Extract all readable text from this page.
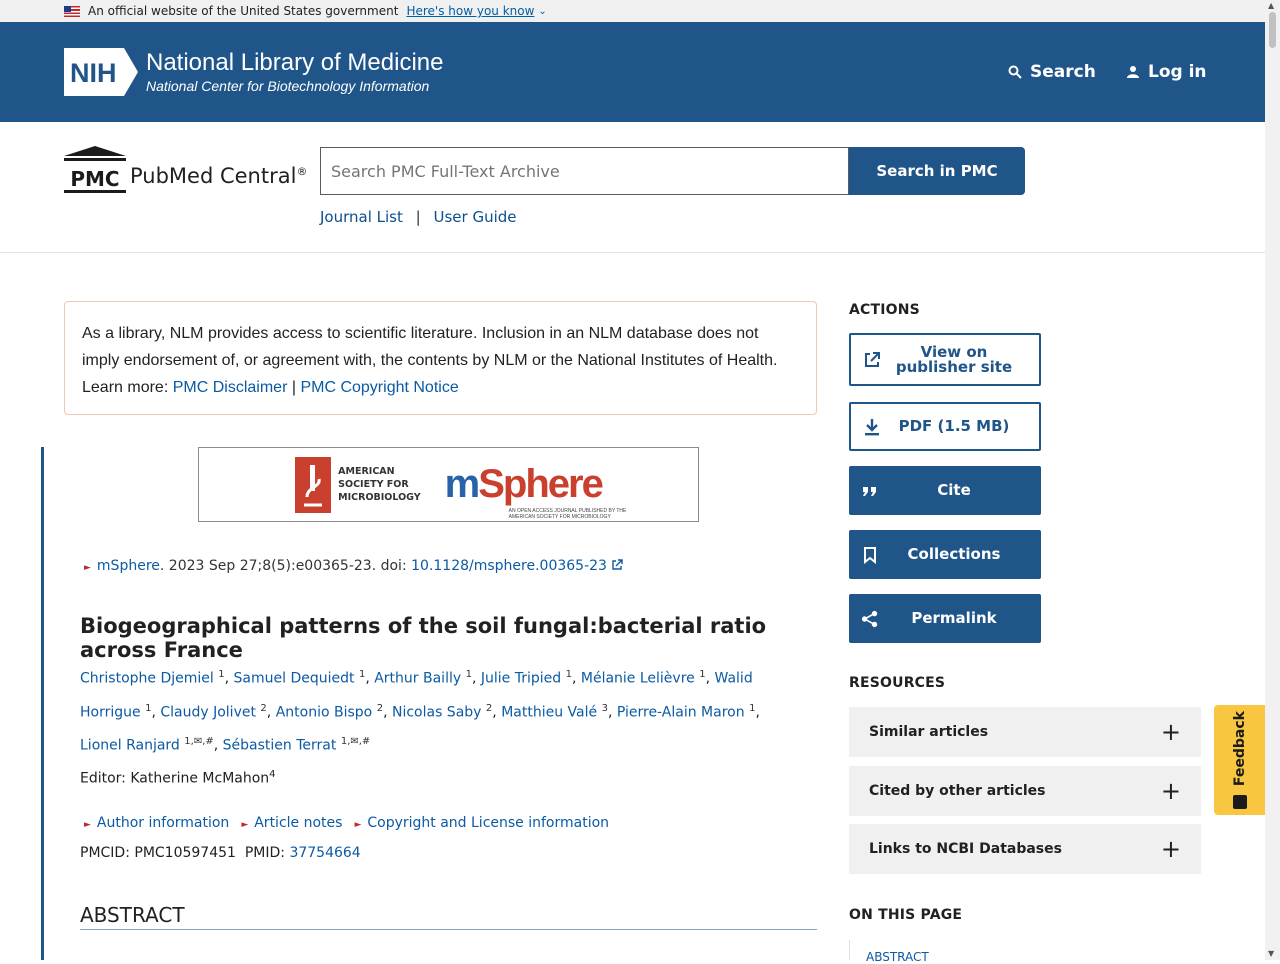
An official website of the United States government Here's how you know ⌄
NIH National Library of Medicine
National Center for Biotechnology Information
Search	Log in
PMC PubMed Central®
Search PMC Full-Text Archive	Search in PMC
Journal List | User Guide
As a library, NLM provides access to scientific literature. Inclusion in an NLM database does not imply endorsement of, or agreement with, the contents by NLM or the National Institutes of Health. Learn more: PMC Disclaimer | PMC Copyright Notice
AMERICAN
SOCIETY FOR
MICROBIOLOGY mSphere
AN OPEN ACCESS JOURNAL PUBLISHED BY THE AMERICAN SOCIETY FOR MICROBIOLOGY
► mSphere. 2023 Sep 27;8(5):e00365-23. doi: 10.1128/msphere.00365-23
Biogeographical patterns of the soil fungal:bacterial ratio across France
Christophe Djemiel $^1$, Samuel Dequiedt $^1$, Arthur Bailly $^1$, Julie Tripied $^1$, Mélanie Lelièvre $^1$, Walid Horrigue $^1$, Claudy Jolivet $^2$, Antonio Bispo $^2$, Nicolas Saby $^2$, Matthieu Valé $^3$, Pierre-Alain Maron $^1$, Lionel Ranjard $^{1,✉,\#}$, Sébastien Terrat $^{1,✉,\#}$
Editor: Katherine McMahon$^4$
► Author information ► Article notes ► Copyright and License information
PMCID: PMC10597451 PMID: 37754664
ABSTRACT
ACTIONS
View on
publisher site
PDF (1.5 MB)
Cite
Collections
Permalink
RESOURCES
Similar articles	+
Cited by other articles	+
Links to NCBI Databases	+
ON THIS PAGE
ABSTRACT
Feedback
▲
▼
